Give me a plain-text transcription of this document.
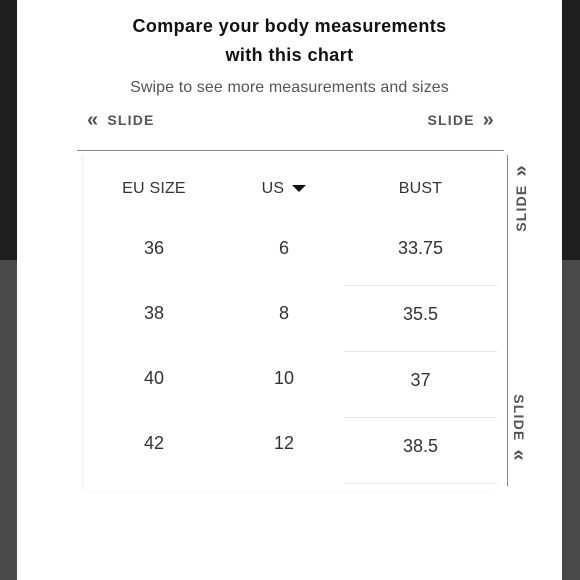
Compare your body measurements
with this chart
Swipe to see more measurements and sizes
« SLIDE	SLIDE »
EU SIZE
36
38
40
42
US
6
8
10
12
BUST
33.75
35.5
37
38.5
SLIDE
»
SLIDE
«
